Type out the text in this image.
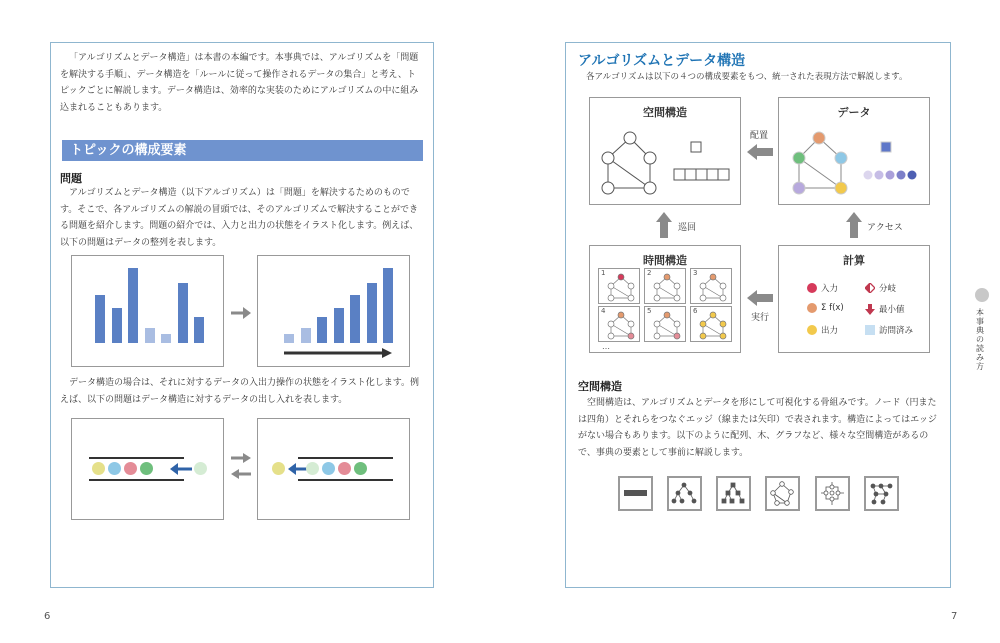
「アルゴリズムとデータ構造」は本書の本編です。本事典では、アルゴリズムを「問題を解決する手順」、データ構造を「ルールに従って操作されるデータの集合」と考え、トピックごとに解説します。データ構造は、効率的な実装のためにアルゴリズムの中に組み込まれることもあります。
トピックの構成要素
問題
アルゴリズムとデータ構造（以下アルゴリズム）は「問題」を解決するためのものです。そこで、各アルゴリズムの解説の冒頭では、そのアルゴリズムで解決することができる問題を紹介します。問題の紹介では、入力と出力の状態をイラスト化します。例えば、以下の問題はデータの整列を表します。
データ構造の場合は、それに対するデータの入出力操作の状態をイラスト化します。例えば、以下の問題はデータ構造に対するデータの出し入れを表します。
6
アルゴリズムとデータ構造
各アルゴリズムは以下の４つの構成要素をもつ、統一された表現方法で解説します。
空間構造
配置
データ
巡回	アクセス
時間構造
1	2	3
4	5	6
…
実行
計算
入力	分岐
Σ f(x)	最小値
出力	訪問済み
空間構造
空間構造は、アルゴリズムとデータを形にして可視化する骨組みです。ノード（円または四角）とそれらをつなぐエッジ（線または矢印）で表されます。構造によってはエッジがない場合もあります。以下のように配列、木、グラフなど、様々な空間構造があるので、事典の要素として事前に解説します。
7
本事典の読み方
